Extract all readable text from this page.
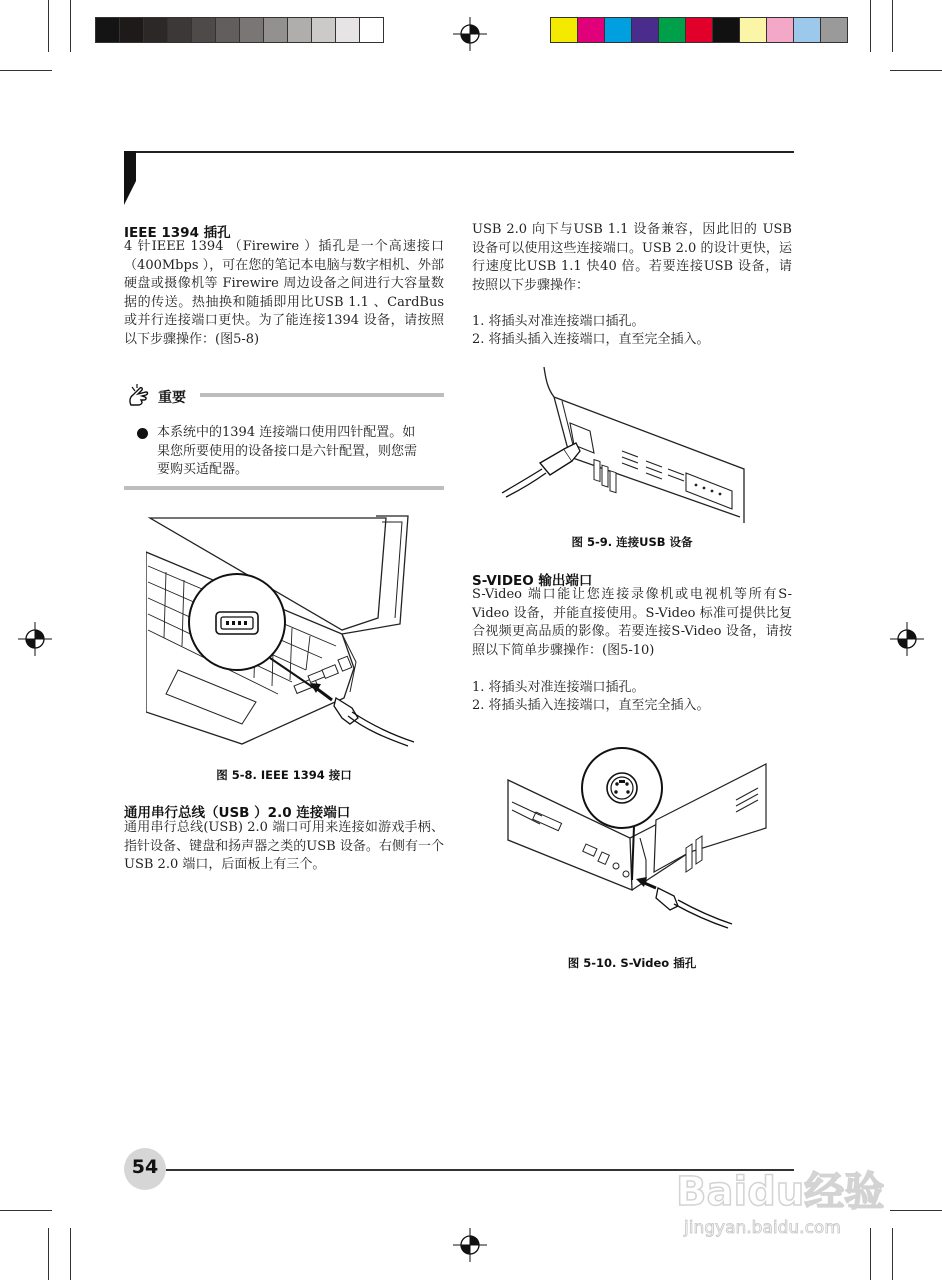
IEEE 1394 插孔
4 针IEEE 1394 （Firewire ）插孔是一个高速接口（400Mbps ），可在您的笔记本电脑与数字相机、外部硬盘或摄像机等 Firewire 周边设备之间进行大容量数据的传送。热抽换和随插即用比USB 1.1 、CardBus 或并行连接端口更快。为了能连接1394 设备，请按照以下步骤操作：(图5-8)
重要
本系统中的1394 连接端口使用四针配置。如果您所要使用的设备接口是六针配置，则您需要购买适配器。
图 5-8. IEEE 1394 接口
通用串行总线（USB ）2.0 连接端口
通用串行总线(USB) 2.0 端口可用来连接如游戏手柄、指针设备、键盘和扬声器之类的USB 设备。右侧有一个 USB 2.0 端口，后面板上有三个。
USB 2.0 向下与USB 1.1 设备兼容，因此旧的 USB 设备可以使用这些连接端口。USB 2.0 的设计更快，运行速度比USB 1.1 快40 倍。若要连接USB 设备，请按照以下步骤操作：
1. 将插头对准连接端口插孔。
2. 将插头插入连接端口，直至完全插入。
图 5-9. 连接USB 设备
S-VIDEO 输出端口
S-Video 端口能让您连接录像机或电视机等所有S-Video 设备，并能直接使用。S-Video 标准可提供比复合视频更高品质的影像。若要连接S-Video 设备，请按照以下简单步骤操作：(图5-10)
1. 将插头对准连接端口插孔。
2. 将插头插入连接端口，直至完全插入。
图 5-10. S-Video 插孔
54
Baidu经验
jingyan.baidu.com
